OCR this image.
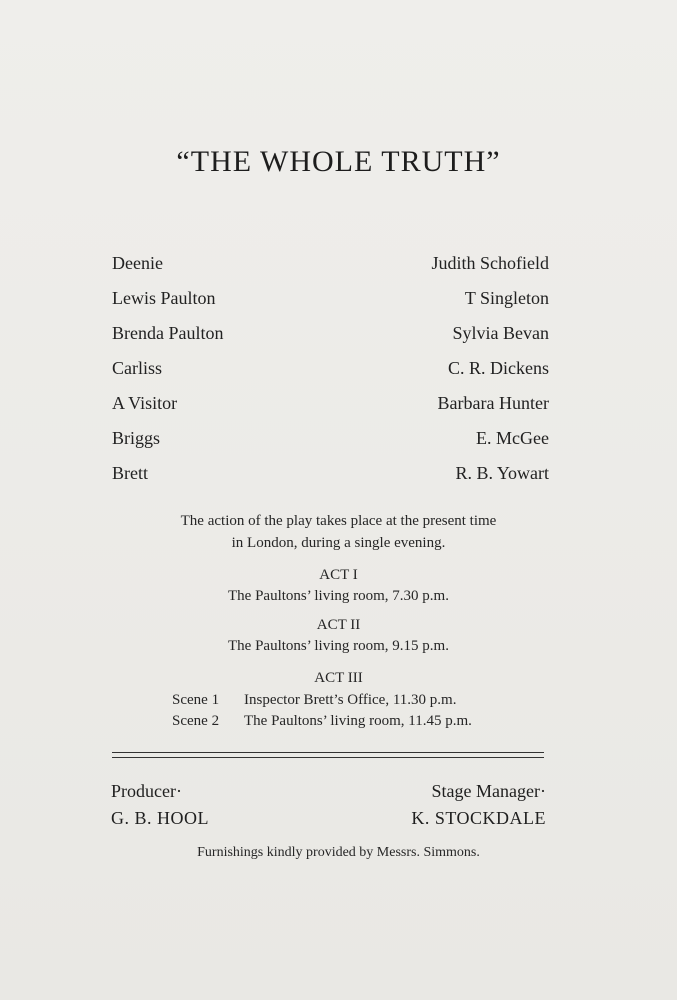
“THE WHOLE TRUTH”
Deenie	Judith Schofield
Lewis Paulton	T Singleton
Brenda Paulton	Sylvia Bevan
Carliss	C. R. Dickens
A Visitor	Barbara Hunter
Briggs	E. McGee
Brett	R. B. Yowart
The action of the play takes place at the present time
in London, during a single evening.
ACT I
The Paultons’ living room, 7.30 p.m.
ACT II
The Paultons’ living room, 9.15 p.m.
ACT III
Scene 1	Inspector Brett’s Office, 11.30 p.m.
Scene 2	The Paultons’ living room, 11.45 p.m.
Producer·
G. B. HOOL
Stage Manager·
K. STOCKDALE
Furnishings kindly provided by Messrs. Simmons.
